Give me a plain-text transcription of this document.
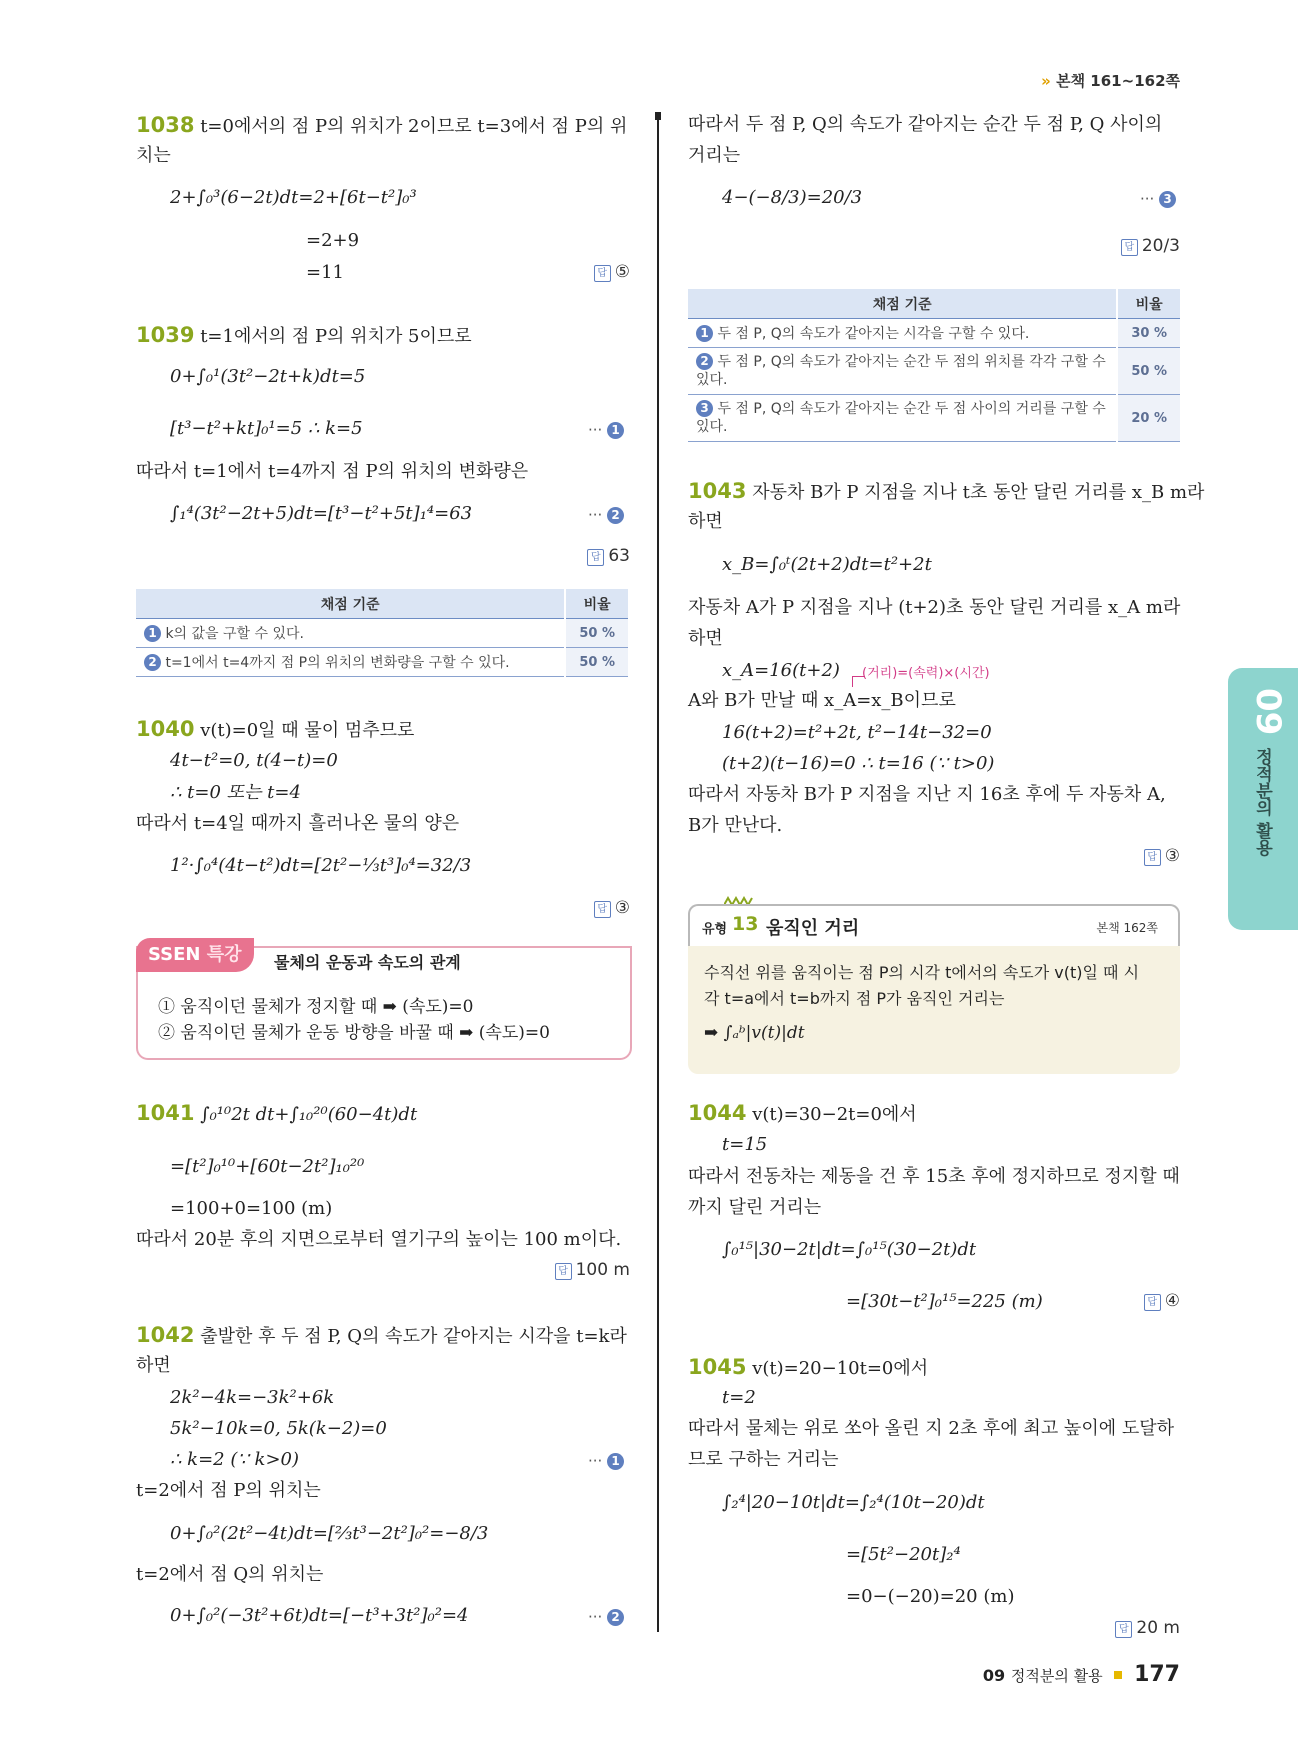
» 본책 161~162쪽
1038 t=0에서의 점 P의 위치가 2이므로 t=3에서 점 P의 위
치는
2+∫₀³(6−2t)dt=2+[6t−t²]₀³
=2+9
=11	답 ⑤
1039 t=1에서의 점 P의 위치가 5이므로
0+∫₀¹(3t²−2t+k)dt=5
[t³−t²+kt]₀¹=5 ∴ k=5	··· 1
따라서 t=1에서 t=4까지 점 P의 위치의 변화량은
∫₁⁴(3t²−2t+5)dt=[t³−t²+5t]₁⁴=63	··· 2
답 63
채점 기준	비율
1 k의 값을 구할 수 있다.	50 %
2 t=1에서 t=4까지 점 P의 위치의 변화량을 구할 수 있다.	50 %
1040 v(t)=0일 때 물이 멈추므로
4t−t²=0, t(4−t)=0
∴ t=0 또는 t=4
따라서 t=4일 때까지 흘러나온 물의 양은
1²·∫₀⁴(4t−t²)dt=[2t²−⅓t³]₀⁴=32/3
답 ③
SSEN 특강	물체의 운동과 속도의 관계
① 움직이던 물체가 정지할 때 ➡ (속도)=0
② 움직이던 물체가 운동 방향을 바꿀 때 ➡ (속도)=0
1041 ∫₀¹⁰2t dt+∫₁₀²⁰(60−4t)dt
=[t²]₀¹⁰+[60t−2t²]₁₀²⁰
=100+0=100 (m)
따라서 20분 후의 지면으로부터 열기구의 높이는 100 m이다.
답 100 m
1042 출발한 후 두 점 P, Q의 속도가 같아지는 시각을 t=k라
하면
2k²−4k=−3k²+6k
5k²−10k=0, 5k(k−2)=0
∴ k=2 (∵ k>0)	··· 1
t=2에서 점 P의 위치는
0+∫₀²(2t²−4t)dt=[⅔t³−2t²]₀²=−8/3
t=2에서 점 Q의 위치는
0+∫₀²(−3t²+6t)dt=[−t³+3t²]₀²=4	··· 2
따라서 두 점 P, Q의 속도가 같아지는 순간 두 점 P, Q 사이의
거리는
4−(−8/3)=20/3	··· 3
답 20/3
채점 기준	비율
1 두 점 P, Q의 속도가 같아지는 시각을 구할 수 있다.	30 %
2 두 점 P, Q의 속도가 같아지는 순간 두 점의 위치를 각각 구할 수 있다.	50 %
3 두 점 P, Q의 속도가 같아지는 순간 두 점 사이의 거리를 구할 수 있다.	20 %
1043 자동차 B가 P 지점을 지나 t초 동안 달린 거리를 x_B m라
하면
x_B=∫₀ᵗ(2t+2)dt=t²+2t
자동차 A가 P 지점을 지나 (t+2)초 동안 달린 거리를 x_A m라
하면
x_A=16(t+2) (거리)=(속력)×(시간)
A와 B가 만날 때 x_A=x_B이므로
16(t+2)=t²+2t, t²−14t−32=0
(t+2)(t−16)=0 ∴ t=16 (∵ t>0)
따라서 자동차 B가 P 지점을 지난 지 16초 후에 두 자동차 A,
B가 만난다.
답 ③
유형 13 움직인 거리	본책 162쪽
수직선 위를 움직이는 점 P의 시각 t에서의 속도가 v(t)일 때 시
각 t=a에서 t=b까지 점 P가 움직인 거리는
➡ ∫ₐᵇ|v(t)|dt
1044 v(t)=30−2t=0에서
t=15
따라서 전동차는 제동을 건 후 15초 후에 정지하므로 정지할 때
까지 달린 거리는
∫₀¹⁵|30−2t|dt=∫₀¹⁵(30−2t)dt
=[30t−t²]₀¹⁵=225 (m)	답 ④
1045 v(t)=20−10t=0에서
t=2
따라서 물체는 위로 쏘아 올린 지 2초 후에 최고 높이에 도달하
므로 구하는 거리는
∫₂⁴|20−10t|dt=∫₂⁴(10t−20)dt
=[5t²−20t]₂⁴
=0−(−20)=20 (m)
답 20 m
09
정적분의 활용
09 정적분의 활용 177
